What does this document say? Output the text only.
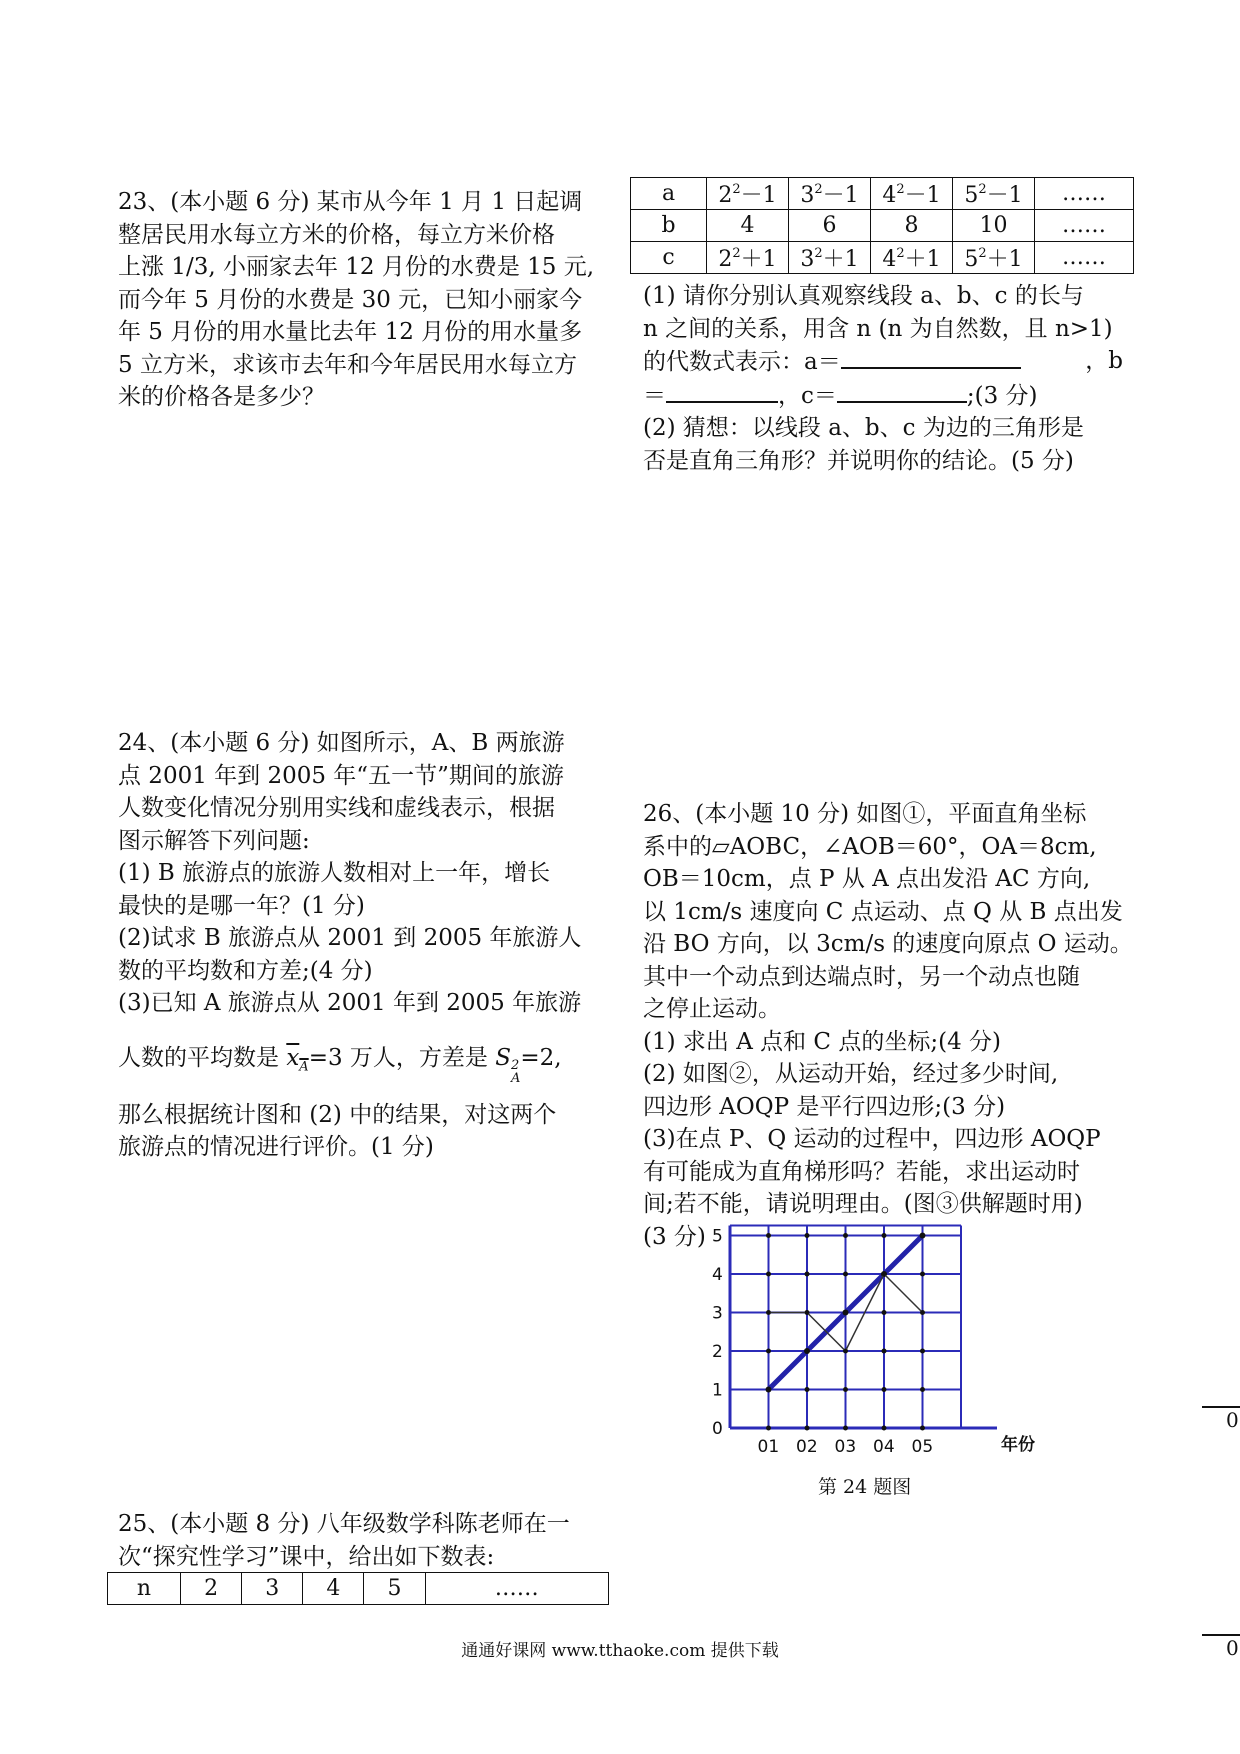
23、(本小题 6 分) 某市从今年 1 月 1 日起调

整居民用水每立方米的价格，每立方米价格

上涨 1/3, 小丽家去年 12 月份的水费是 15 元,

而今年 5 月份的水费是 30 元，已知小丽家今

年 5 月份的用水量比去年 12 月份的用水量多

5 立方米，求该市去年和今年居民用水每立方

米的价格各是多少？

24、(本小题 6 分) 如图所示，A、B 两旅游

点 2001 年到 2005 年“五一节”期间的旅游

人数变化情况分别用实线和虚线表示，根据

图示解答下列问题:

(1) B 旅游点的旅游人数相对上一年，增长

最快的是哪一年？(1 分)

(2)试求 B 旅游点从 2001 到 2005 年旅游人

数的平均数和方差;(4 分)

(3)已知 A 旅游点从 2001 年到 2005 年旅游

人数的平均数是 $x_A=3$ 万人，方差是 S 2
A
=2,

那么根据统计图和 (2) 中的结果，对这两个

旅游点的情况进行评价。(1 分)

25、(本小题 8 分) 八年级数学科陈老师在一

次“探究性学习”课中，给出如下数表:

n	2	3	4	5	……
a	$2^2-1$	$3^2-1$	$4^2-1$	$5^2-1$	……
b	4	6	8	10	……
c	$2^2+1$	$3^2+1$	$4^2+1$	$5^2+1$	……

(1) 请你分别认真观察线段 a、b、c 的长与

n 之间的关系，用含 n (n 为自然数，且 n>1)

的代数式表示：a＝	，b

＝	，c＝	;(3 分)

(2) 猜想：以线段 a、b、c 为边的三角形是

否是直角三角形？并说明你的结论。(5 分)

26、(本小题 10 分) 如图①，平面直角坐标

系中的▱AOBC，∠AOB＝60°，OA＝8cm,

OB＝10cm，点 P 从 A 点出发沿 AC 方向,

以 1cm/s 速度向 C 点运动、点 Q 从 B 点出发

沿 BO 方向，以 3cm/s 的速度向原点 O 运动。

其中一个动点到达端点时，另一个动点也随

之停止运动。

(1) 求出 A 点和 C 点的坐标;(4 分)

(2) 如图②，从运动开始，经过多少时间,

四边形 AOQP 是平行四边形;(3 分)

(3)在点 P、Q 运动的过程中，四边形 AOQP

有可能成为直角梯形吗？若能，求出运动时

间;若不能，请说明理由。(图③供解题时用)

(3 分)

0
1
2
3
4
5
01 02 03 04 05	年份
第 24 题图
0
0
通通好课网 www.tthaoke.com 提供下载
